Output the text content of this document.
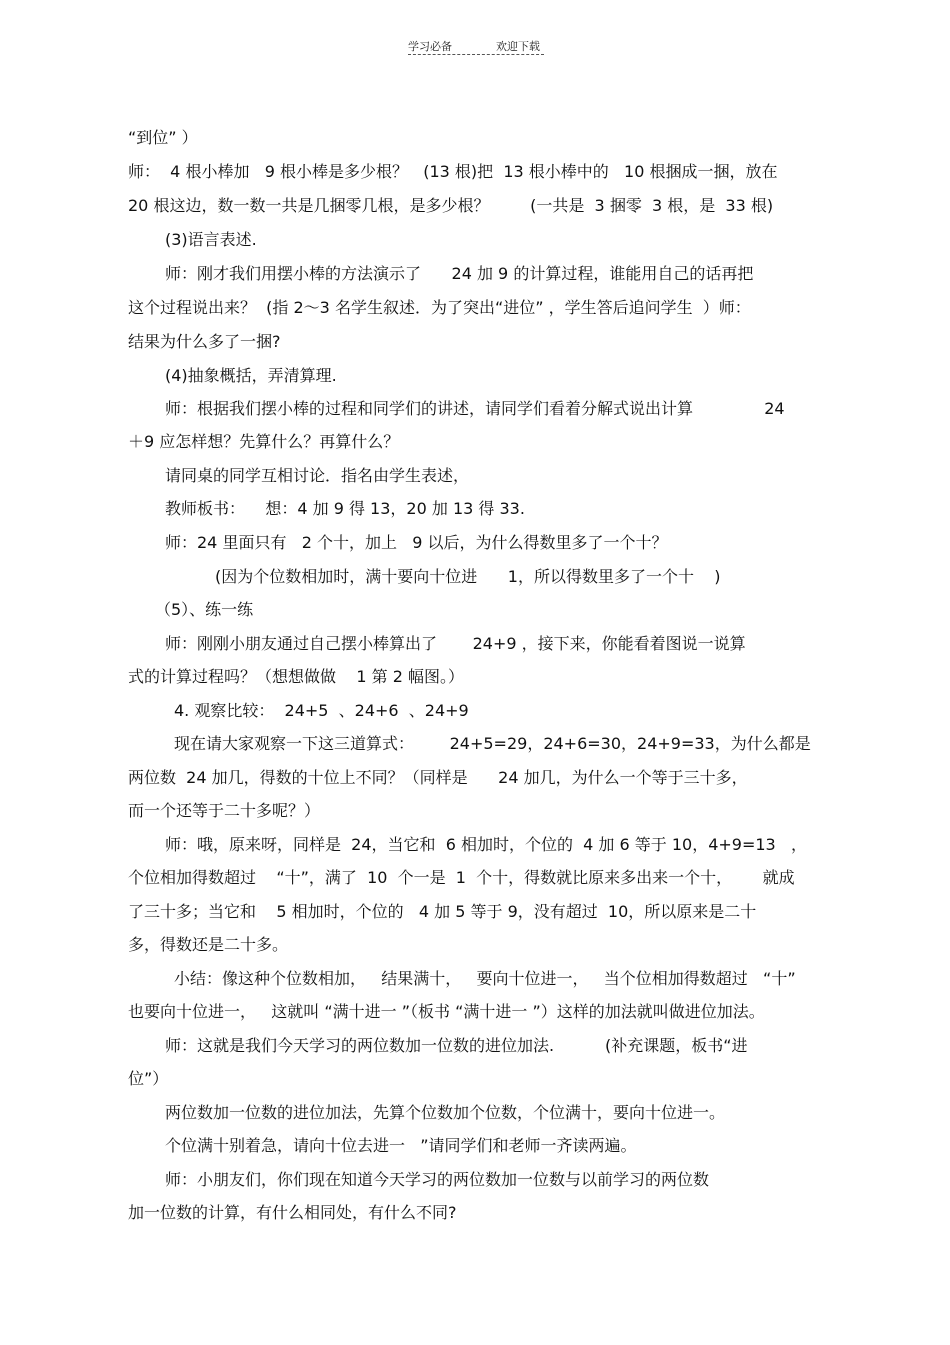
学习必备	欢迎下载
“到位” ）
师：  4 根小棒加   9 根小棒是多少根？   (13 根)把  13 根小棒中的   10 根捆成一捆，放在
20 根这边，数一数一共是几捆零几根，是多少根？        (一共是  3 捆零  3 根，是  33 根)
(3)语言表述.
师：刚才我们用摆小棒的方法演示了      24 加 9 的计算过程，谁能用自己的话再把
这个过程说出来？  (指 2～3 名学生叙述．为了突出“进位” ，学生答后追问学生  ）师：
结果为什么多了一捆?
(4)抽象概括，弄清算理.
师：根据我们摆小棒的过程和同学们的讲述，请同学们看着分解式说出计算              24
＋9 应怎样想？先算什么？再算什么？
请同桌的同学互相讨论．指名由学生表述，
教师板书：    想：4 加 9 得 13，20 加 13 得 33.
师：24 里面只有   2 个十，加上   9 以后，为什么得数里多了一个十？
(因为个位数相加时，满十要向十位进      1，所以得数里多了一个十    )
（5）、练一练
师：刚刚小朋友通过自己摆小棒算出了       24+9 ，接下来，你能看着图说一说算
式的计算过程吗？（想想做做    1 第 2 幅图。）
4. 观察比较：  24+5  、24+6  、24+9
现在请大家观察一下这三道算式：       24+5=29，24+6=30，24+9=33，为什么都是
两位数  24 加几，得数的十位上不同？（同样是      24 加几，为什么一个等于三十多，
而一个还等于二十多呢？）
师：哦，原来呀，同样是  24，当它和  6 相加时，个位的  4 加 6 等于 10，4+9=13   ，
个位相加得数超过    “十”，满了  10  个一是  1  个十，得数就比原来多出来一个十，      就成
了三十多；当它和    5 相加时，个位的   4 加 5 等于 9，没有超过  10，所以原来是二十
多，得数还是二十多。
小结：像这种个位数相加，   结果满十，   要向十位进一，   当个位相加得数超过   “十”
也要向十位进一，   这就叫 “满十进一 ”（板书 “满十进一 ”）这样的加法就叫做进位加法。
师：这就是我们今天学习的两位数加一位数的进位加法.          (补充课题，板书“进
位”）
两位数加一位数的进位加法，先算个位数加个位数，个位满十，要向十位进一。
个位满十别着急，请向十位去进一   ”请同学们和老师一齐读两遍。
师：小朋友们，你们现在知道今天学习的两位数加一位数与以前学习的两位数
加一位数的计算，有什么相同处，有什么不同?
